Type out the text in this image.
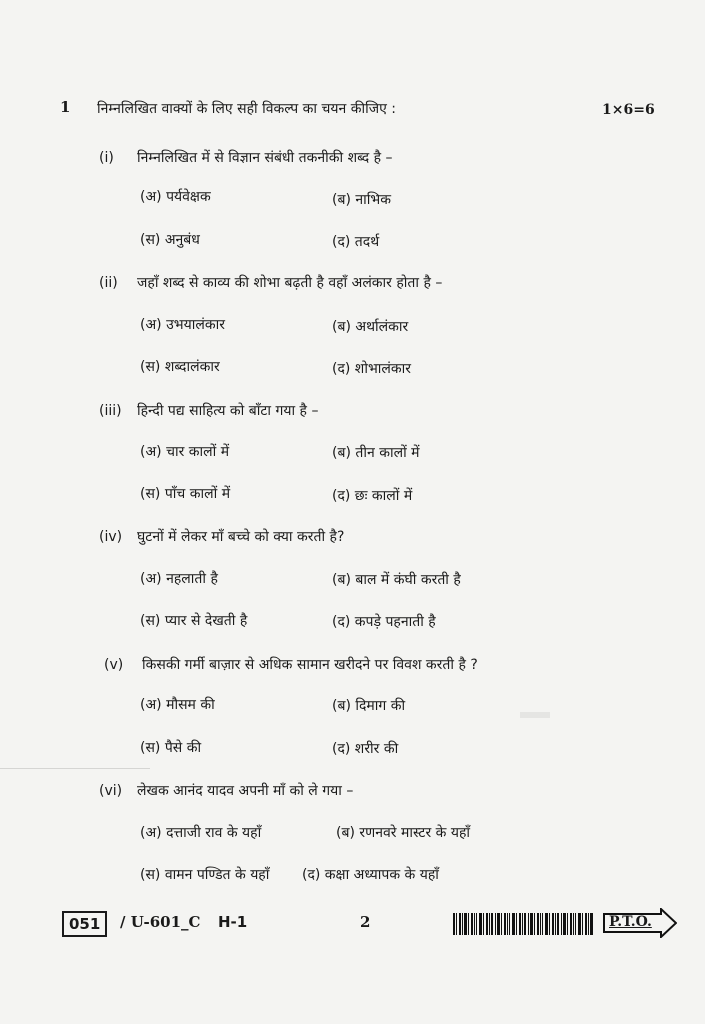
1 निम्नलिखित वाक्यों के लिए सही विकल्प का चयन कीजिए :	1×6=6
(i) निम्नलिखित में से विज्ञान संबंधी तकनीकी शब्द है –
(अ) पर्यवेक्षक	(ब) नाभिक
(स) अनुबंध	(द) तदर्थ
(ii) जहाँ शब्द से काव्य की शोभा बढ़ती है वहाँ अलंकार होता है –
(अ) उभयालंकार	(ब) अर्थालंकार
(स) शब्दालंकार	(द) शोभालंकार
(iii) हिन्दी पद्य साहित्य को बाँटा गया है –
(अ) चार कालों में	(ब) तीन कालों में
(स) पाँच कालों में	(द) छः कालों में
(iv) घुटनों में लेकर माँ बच्चे को क्या करती है?
(अ) नहलाती है	(ब) बाल में कंघी करती है
(स) प्यार से देखती है	(द) कपड़े पहनाती है
(v) किसकी गर्मी बाज़ार से अधिक सामान खरीदने पर विवश करती है ?
(अ) मौसम की	(ब) दिमाग की
(स) पैसे की	(द) शरीर की
(vi) लेखक आनंद यादव अपनी माँ को ले गया –
(अ) दत्ताजी राव के यहाँ	(ब) रणनवरे मास्टर के यहाँ
(स) वामन पण्डित के यहाँ (द) कक्षा अध्यापक के यहाँ
051	/ U-601_C H-1	2	P.T.O.
